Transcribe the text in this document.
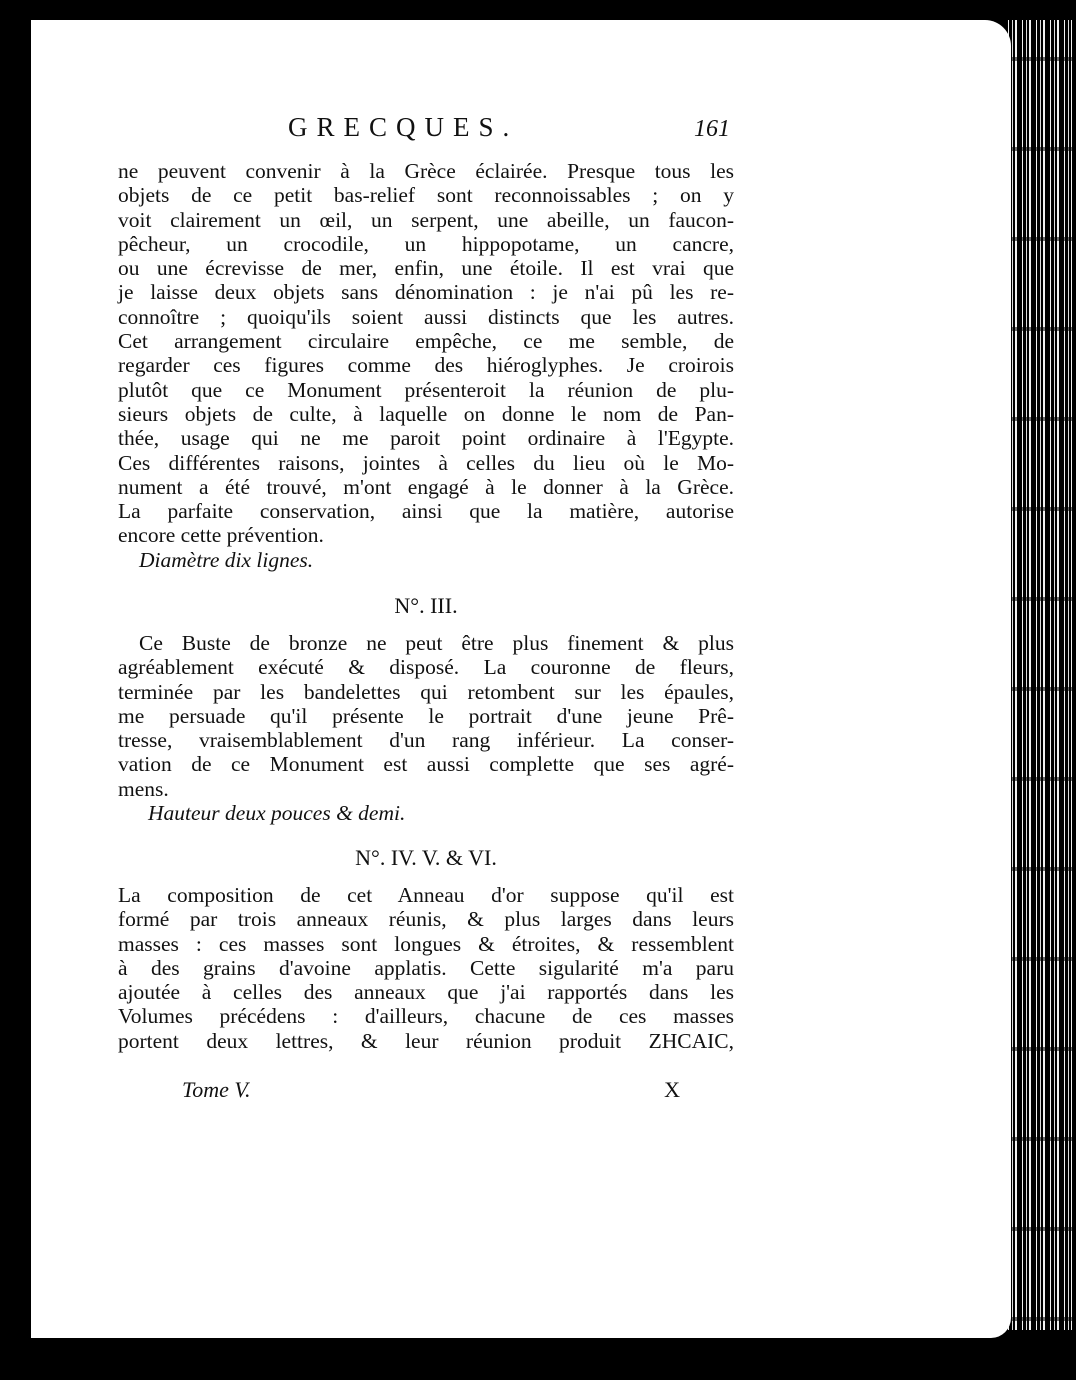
GRECQUES.	161
ne peuvent convenir à la Grèce éclairée. Presque tous les
objets de ce petit bas-relief sont reconnoissables ; on y
voit clairement un œil, un serpent, une abeille, un faucon-
pêcheur, un crocodile, un hippopotame, un cancre,
ou une écrevisse de mer, enfin, une étoile. Il est vrai que
je laisse deux objets sans dénomination : je n'ai pû les re-
connoître ; quoiqu'ils soient aussi distincts que les autres.
Cet arrangement circulaire empêche, ce me semble, de
regarder ces figures comme des hiéroglyphes. Je croirois
plutôt que ce Monument présenteroit la réunion de plu-
sieurs objets de culte, à laquelle on donne le nom de Pan-
thée, usage qui ne me paroit point ordinaire à l'Egypte.
Ces différentes raisons, jointes à celles du lieu où le Mo-
nument a été trouvé, m'ont engagé à le donner à la Grèce.
La parfaite conservation, ainsi que la matière, autorise
encore cette prévention.
Diamètre dix lignes.
N°. III.
Ce Buste de bronze ne peut être plus finement & plus
agréablement exécuté & disposé. La couronne de fleurs,
terminée par les bandelettes qui retombent sur les épaules,
me persuade qu'il présente le portrait d'une jeune Prê-
tresse, vraisemblablement d'un rang inférieur. La conser-
vation de ce Monument est aussi complette que ses agré-
mens.
Hauteur deux pouces & demi.
N°. IV. V. & VI.
La composition de cet Anneau d'or suppose qu'il est
formé par trois anneaux réunis, & plus larges dans leurs
masses : ces masses sont longues & étroites, & ressemblent
à des grains d'avoine applatis. Cette sigularité m'a paru
ajoutée à celles des anneaux que j'ai rapportés dans les
Volumes précédens : d'ailleurs, chacune de ces masses
portent deux lettres, & leur réunion produit ΖΗCΑΙC,
Tome V.	X
